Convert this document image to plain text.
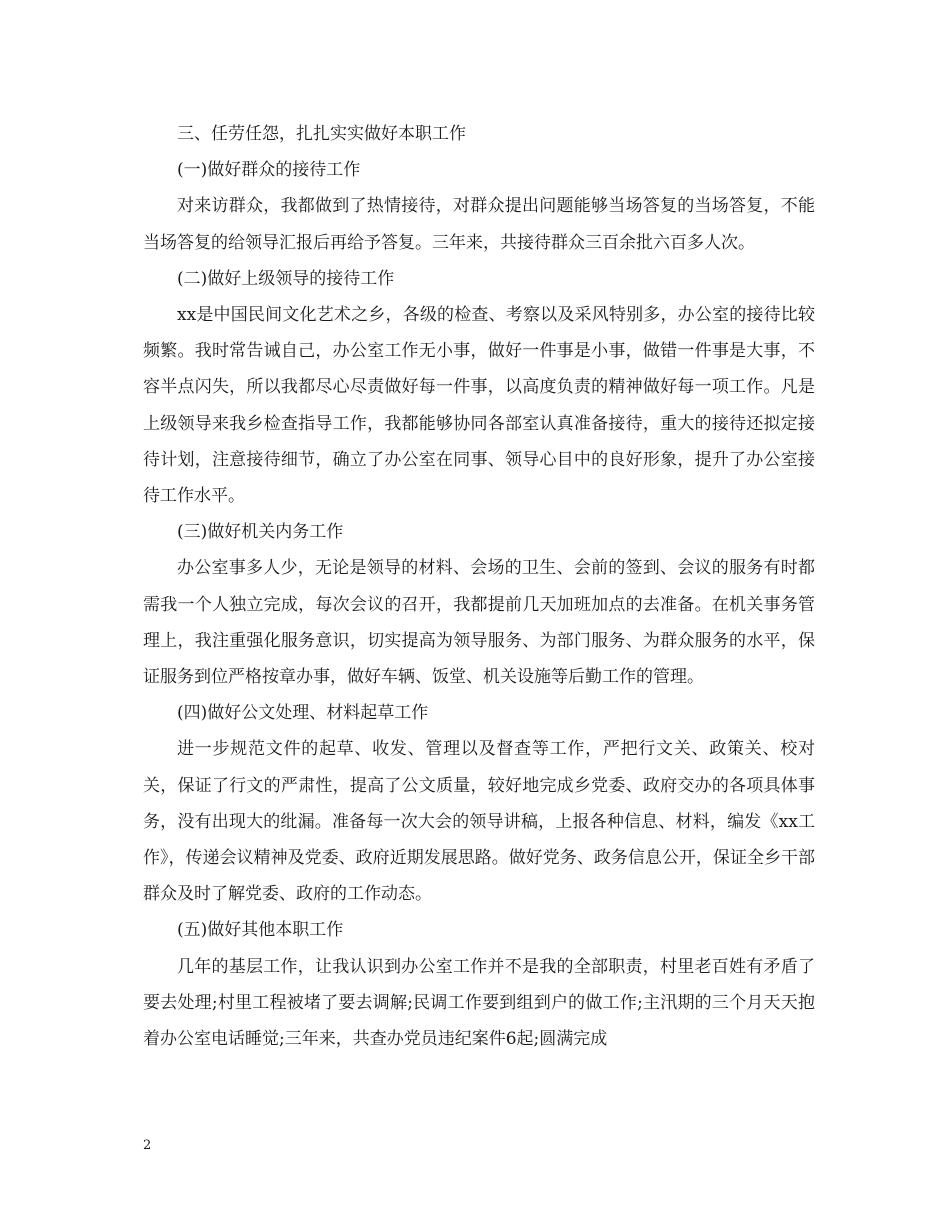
三、任劳任怨，扎扎实实做好本职工作

(一)做好群众的接待工作

对来访群众，我都做到了热情接待，对群众提出问题能够当场答复的当场答复，不能当场答复的给领导汇报后再给予答复。三年来，共接待群众三百余批六百多人次。

(二)做好上级领导的接待工作

xx是中国民间文化艺术之乡，各级的检查、考察以及采风特别多，办公室的接待比较频繁。我时常告诫自己，办公室工作无小事，做好一件事是小事，做错一件事是大事，不容半点闪失，所以我都尽心尽责做好每一件事，以高度负责的精神做好每一项工作。凡是上级领导来我乡检查指导工作，我都能够协同各部室认真准备接待，重大的接待还拟定接待计划，注意接待细节，确立了办公室在同事、领导心目中的良好形象，提升了办公室接待工作水平。

(三)做好机关内务工作

办公室事多人少，无论是领导的材料、会场的卫生、会前的签到、会议的服务有时都需我一个人独立完成，每次会议的召开，我都提前几天加班加点的去准备。在机关事务管理上，我注重强化服务意识，切实提高为领导服务、为部门服务、为群众服务的水平，保证服务到位严格按章办事，做好车辆、饭堂、机关设施等后勤工作的管理。

(四)做好公文处理、材料起草工作

进一步规范文件的起草、收发、管理以及督查等工作，严把行文关、政策关、校对关，保证了行文的严肃性，提高了公文质量，较好地完成乡党委、政府交办的各项具体事务，没有出现大的纰漏。准备每一次大会的领导讲稿，上报各种信息、材料，编发《xx工作》，传递会议精神及党委、政府近期发展思路。做好党务、政务信息公开，保证全乡干部群众及时了解党委、政府的工作动态。

(五)做好其他本职工作

几年的基层工作，让我认识到办公室工作并不是我的全部职责，村里老百姓有矛盾了要去处理;村里工程被堵了要去调解;民调工作要到组到户的做工作;主汛期的三个月天天抱着办公室电话睡觉;三年来，共查办党员违纪案件6起;圆满完成

2
